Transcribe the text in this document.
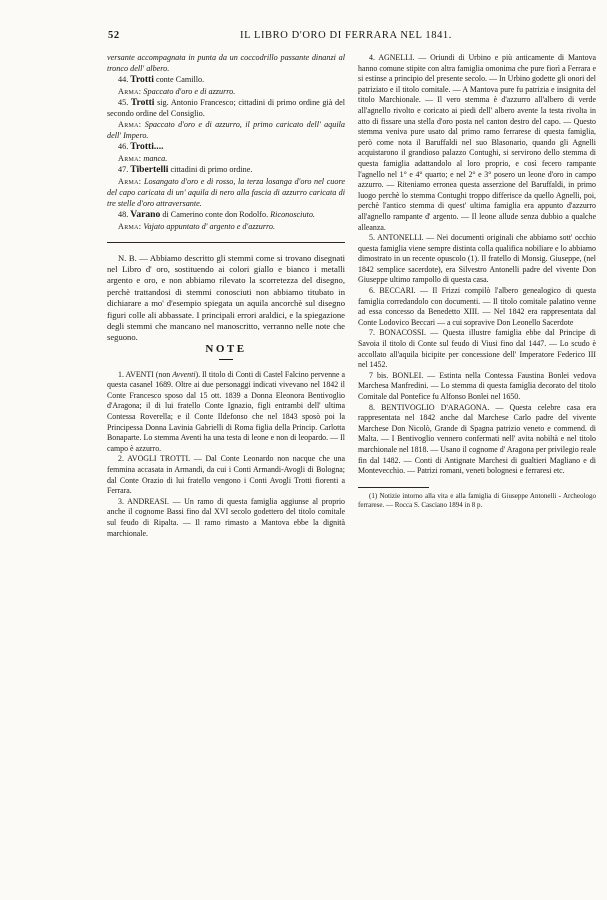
52	IL LIBRO D'ORO DI FERRARA NEL 1841.

versante accompagnata in punta da un coccodrillo passante dinanzi al tronco dell' albero.

44. Trotti conte Camillo.

Arma: Spaccato d'oro e di azzurro.

45. Trotti sig. Antonio Francesco; cittadini di primo ordine già del secondo ordine del Consiglio.

Arma: Spaccato d'oro e di azzurro, il primo caricato dell' aquila dell' Impero.

46. Trotti....

Arma: manca.

47. Tibertelli cittadini di primo ordine.

Arma: Losangato d'oro e di rosso, la terza losanga d'oro nel cuore del capo caricata di un' aquila di nero alla fascia di azzurro caricata di tre stelle d'oro attraversante.

48. Varano di Camerino conte don Rodolfo. Riconosciuto.

Arma: Vajato appuntato d' argento e d'azzurro.

N. B. — Abbiamo descritto gli stemmi come si trovano disegnati nel Libro d' oro, sostituendo ai colori giallo e bianco i metalli argento e oro, e non abbiamo rilevato la scorretezza del disegno, perchè trattandosi di stemmi conosciuti non abbiamo titubato in dichiarare a mo' d'esempio spiegata un aquila ancorchè sul disegno figuri colle ali abbassate. I principali errori araldici, e la spiegazione degli stemmi che mancano nel manoscritto, verranno nelle note che seguono.

NOTE

1. AVENTI (non Avventi). Il titolo di Conti di Castel Falcino pervenne a questa casanel 1689. Oltre ai due personaggi indicati vivevano nel 1842 il Conte Francesco sposo dal 15 ott. 1839 a Donna Eleonora Bentivoglio d'Aragona; il di lui fratello Conte Ignazio, figli entrambi dell' ultima Contessa Roverella; e il Conte Ildefonso che nel 1843 sposò poi la Principessa Donna Lavinia Gabrielli di Roma figlia della Princip. Carlotta Bonaparte. Lo stemma Aventi ha una testa di leone e non di leopardo. — Il campo è azzurro.

2. AVOGLI TROTTI. — Dal Conte Leonardo non nacque che una femmina accasata in Armandi, da cui i Conti Armandi-Avogli di Bologna; dal Conte Orazio di lui fratello vengono i Conti Avogli Trotti fiorenti a Ferrara.

3. ANDREASI. — Un ramo di questa famiglia aggiunse al proprio anche il cognome Bassi fino dal XVI secolo godettero del titolo comitale sul feudo di Ripalta. — Il ramo rimasto a Mantova ebbe la dignità marchionale.

4. AGNELLI. — Oriundi di Urbino e più anticamente di Mantova hanno comune stipite con altra famiglia omonima che pure fiorì a Ferrara e si estinse a principio del presente secolo. — In Urbino godette gli onori del patriziato e il titolo comitale. — A Mantova pure fu patrizia e insignita del titolo Marchionale. — Il vero stemma è d'azzurro all'albero di verde all'agnello rivolto e coricato ai piedi dell' albero avente la testa rivolta in atto di fissare una stella d'oro posta nel canton destro del capo. — Questo stemma veniva pure usato dal primo ramo ferrarese di questa famiglia, però come nota il Baruffaldi nel suo Blasonario, quando gli Agnelli acquistarono il grandioso palazzo Contughi, si servirono dello stemma di questa famiglia adattandolo al loro proprio, e così fecero rampante l'agnello nel 1° e 4° quarto; e nel 2° e 3° posero un leone d'oro in campo azzurro. — Riteniamo erronea questa asserzione del Baruffaldi, in primo luogo perchè lo stemma Contughi troppo differisce da quello Agnelli, poi, perchè l'antico stemma di quest' ultima famiglia era appunto d'azzurro all'agnello rampante d' argento. — Il leone allude senza dubbio a qualche alleanza.

5. ANTONELLI. — Nei documenti originali che abbiamo sott' occhio questa famiglia viene sempre distinta colla qualifica nobiliare e lo abbiamo dimostrato in un recente opuscolo (1). Il fratello di Monsig. Giuseppe, (nel 1842 semplice sacerdote), era Silvestro Antonelli padre del vivente Don Giuseppe ultimo rampollo di questa casa.

6. BECCARI. — Il Frizzi compilò l'albero genealogico di questa famiglia corredandolo con documenti. — Il titolo comitale palatino venne ad essa concesso da Benedetto XIII. — Nel 1842 era rappresentata dal Conte Lodovico Beccari — a cui sopravive Don Leonello Sacerdote

7. BONACOSSI. — Questa illustre famiglia ebbe dal Principe di Savoia il titolo di Conte sul feudo di Viusi fino dal 1447. — Lo scudo è accollato all'aquila bicipite per concessione dell' Imperatore Federico III nel 1452.

7 bis. BONLEI. — Estinta nella Contessa Faustina Bonlei vedova Marchesa Manfredini. — Lo stemma di questa famiglia decorato del titolo Comitale dal Pontefice fu Alfonso Bonlei nel 1650.

8. BENTIVOGLIO D'ARAGONA. — Questa celebre casa era rappresentata nel 1842 anche dal Marchese Carlo padre del vivente Marchese Don Nicolò, Grande di Spagna patrizio veneto e commend. di Malta. — I Bentivoglio vennero confermati nell' avita nobiltà e nel titolo marchionale nel 1818. — Usano il cognome d' Aragona per privilegio reale fin dal 1482. — Conti di Antignate Marchesi di gualtieri Magliano e di Montevecchio. — Patrizi romani, veneti bolognesi e ferraresi etc.

(1) Notizie intorno alla vita e alla famiglia di Giuseppe Antonelli - Archeologo ferrarese. — Rocca S. Casciano 1894 in 8 p.
